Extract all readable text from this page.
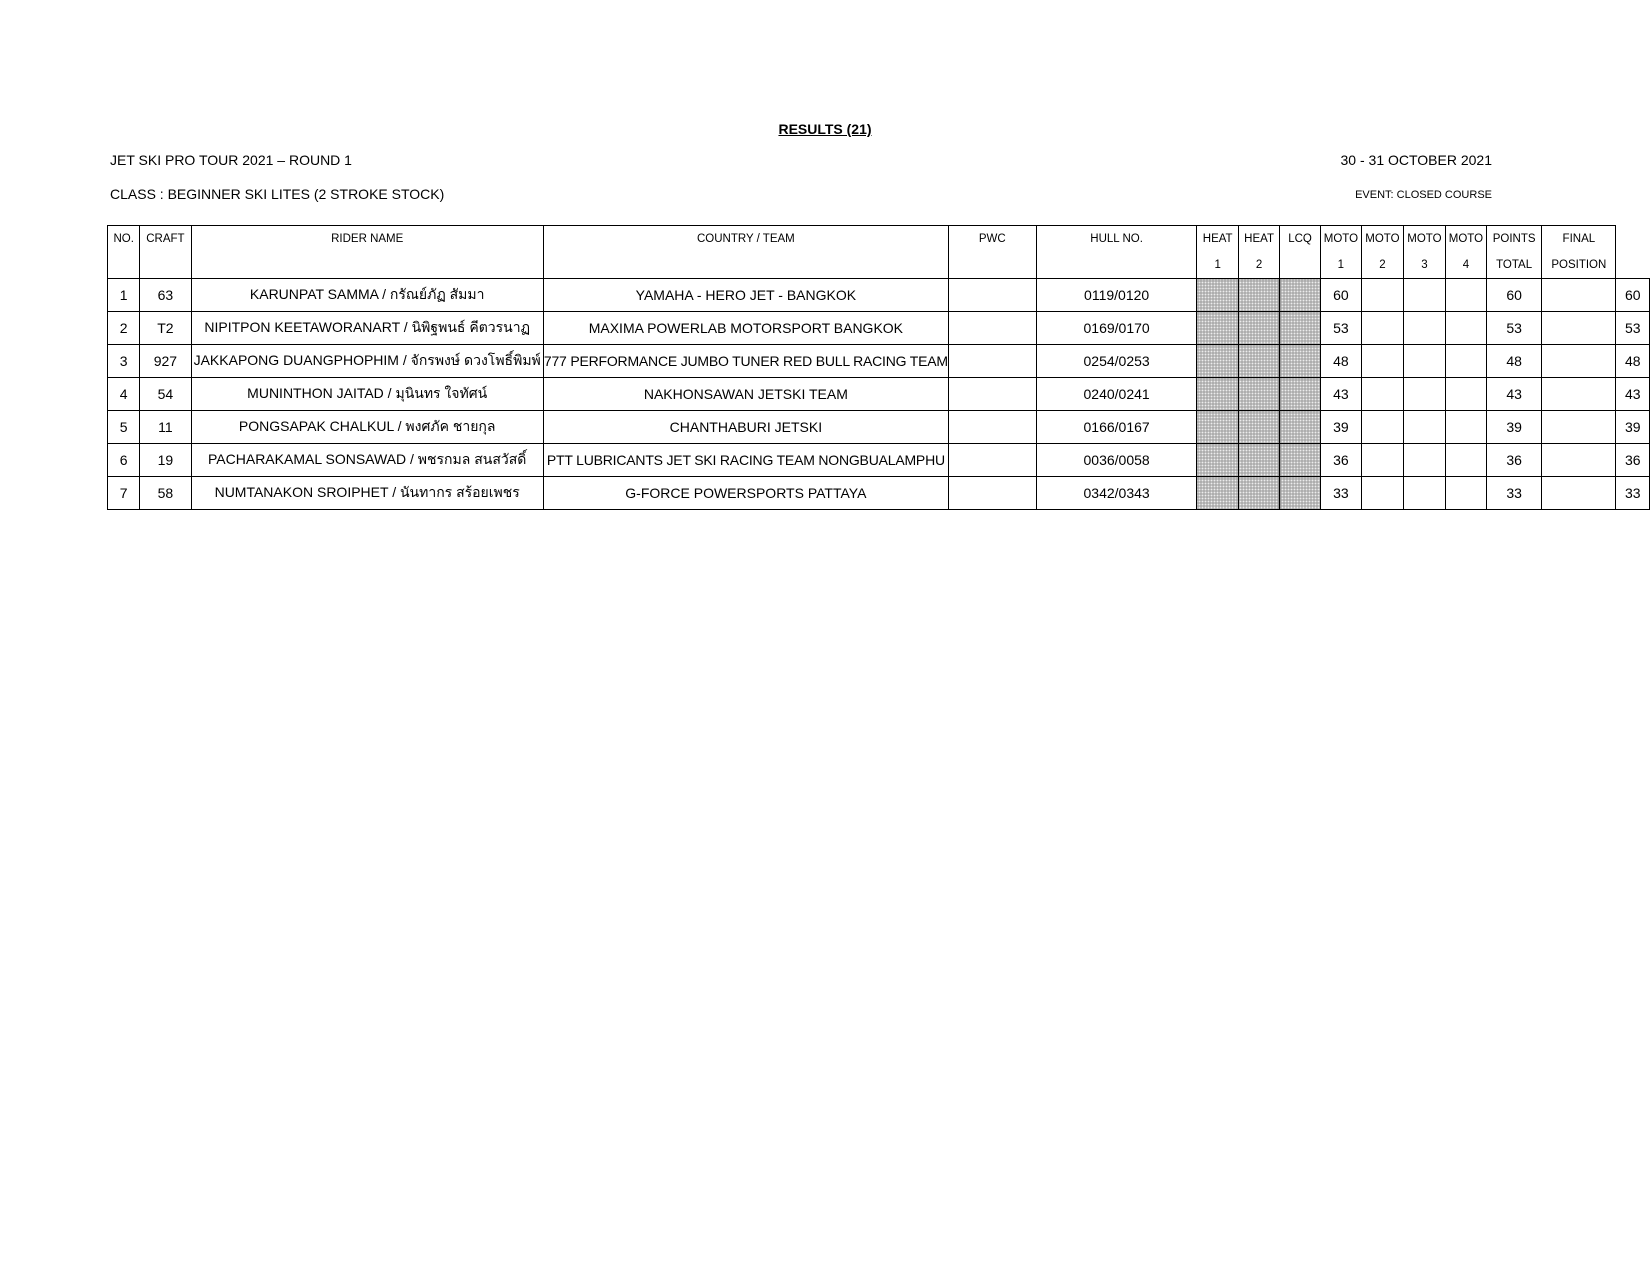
RESULTS (21)
JET SKI PRO TOUR 2021 – ROUND 1	30 - 31 OCTOBER 2021
CLASS : BEGINNER SKI LITES (2 STROKE STOCK)	EVENT: CLOSED COURSE
NO.	CRAFT	RIDER NAME	COUNTRY / TEAM	PWC	HULL NO.	HEAT	HEAT	LCQ	MOTO	MOTO	MOTO	MOTO	POINTS	FINAL	
						1	2		1	2	3	4	TOTAL	POSITION	
1	63	KARUNPAT SAMMA / กรัณย์ภัฏ สัมมา	YAMAHA - HERO JET - BANGKOK		0119/0120				60				60		60
2	T2	NIPITPON KEETAWORANART / นิพิฐพนธ์ คีตวรนาฏ	MAXIMA POWERLAB MOTORSPORT BANGKOK		0169/0170				53				53		53
3	927	JAKKAPONG DUANGPHOPHIM / จักรพงษ์ ดวงโพธิ์พิมพ์	777 PERFORMANCE JUMBO TUNER RED BULL RACING TEAM		0254/0253				48				48		48
4	54	MUNINTHON JAITAD / มุนินทร ใจทัศน์	NAKHONSAWAN JETSKI TEAM		0240/0241				43				43		43
5	11	PONGSAPAK CHALKUL / พงศภัค ชายกุล	CHANTHABURI JETSKI		0166/0167				39				39		39
6	19	PACHARAKAMAL SONSAWAD / พชรกมล สนสวัสดิ์	PTT LUBRICANTS JET SKI RACING TEAM NONGBUALAMPHU		0036/0058				36				36		36
7	58	NUMTANAKON SROIPHET / นันทากร สร้อยเพชร	G-FORCE POWERSPORTS PATTAYA		0342/0343				33				33		33
